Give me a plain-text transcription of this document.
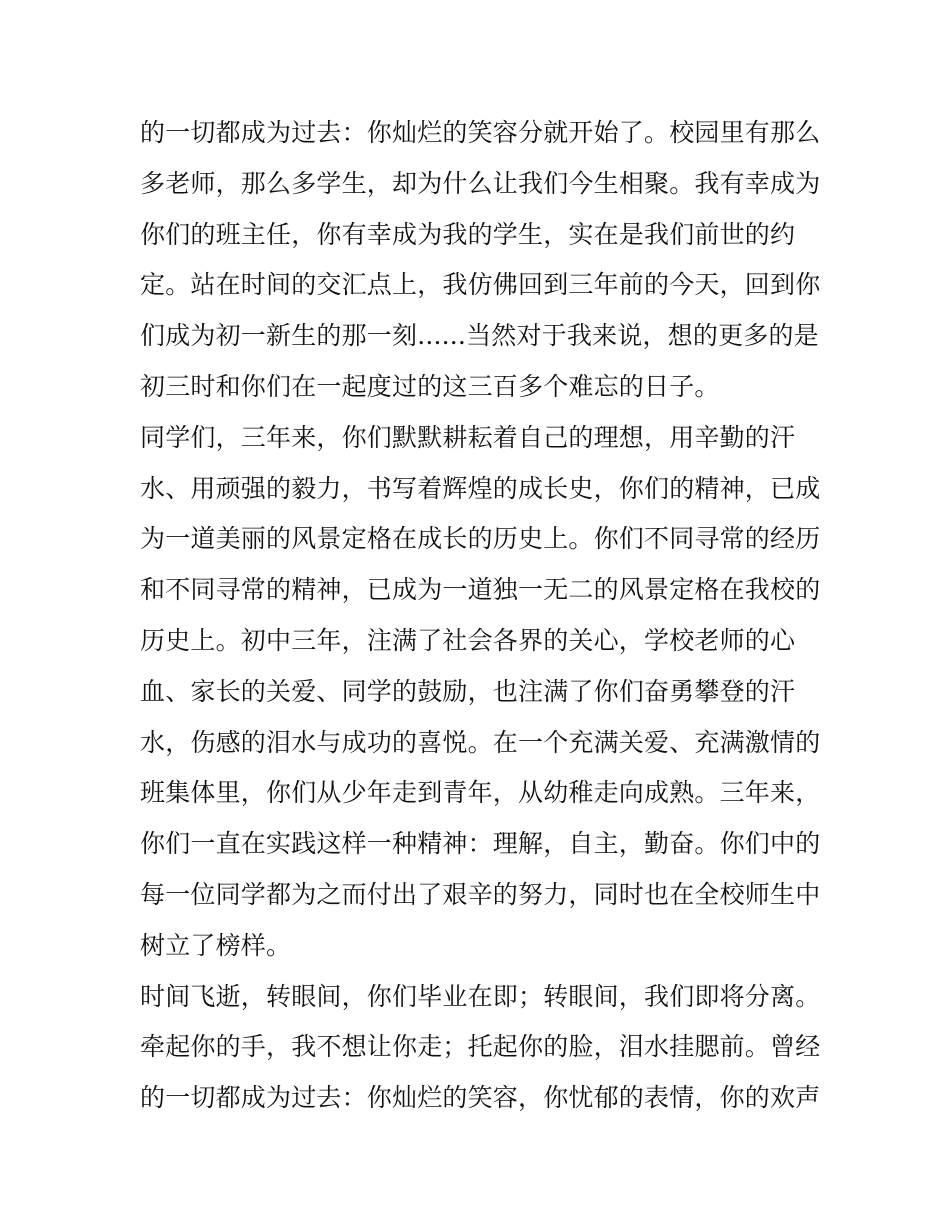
的一切都成为过去：你灿烂的笑容分就开始了。校园里有那么
多老师，那么多学生，却为什么让我们今生相聚。我有幸成为
你们的班主任，你有幸成为我的学生，实在是我们前世的约
定。站在时间的交汇点上，我仿佛回到三年前的今天，回到你
们成为初一新生的那一刻......当然对于我来说，想的更多的是
初三时和你们在一起度过的这三百多个难忘的日子。
同学们，三年来，你们默默耕耘着自己的理想，用辛勤的汗
水、用顽强的毅力，书写着辉煌的成长史，你们的精神，已成
为一道美丽的风景定格在成长的历史上。你们不同寻常的经历
和不同寻常的精神，已成为一道独一无二的风景定格在我校的
历史上。初中三年，注满了社会各界的关心，学校老师的心
血、家长的关爱、同学的鼓励，也注满了你们奋勇攀登的汗
水，伤感的泪水与成功的喜悦。在一个充满关爱、充满激情的
班集体里，你们从少年走到青年，从幼稚走向成熟。三年来，
你们一直在实践这样一种精神：理解，自主，勤奋。你们中的
每一位同学都为之而付出了艰辛的努力，同时也在全校师生中
树立了榜样。
时间飞逝，转眼间，你们毕业在即；转眼间，我们即将分离。
牵起你的手，我不想让你走；托起你的脸，泪水挂腮前。曾经
的一切都成为过去：你灿烂的笑容，你忧郁的表情，你的欢声
